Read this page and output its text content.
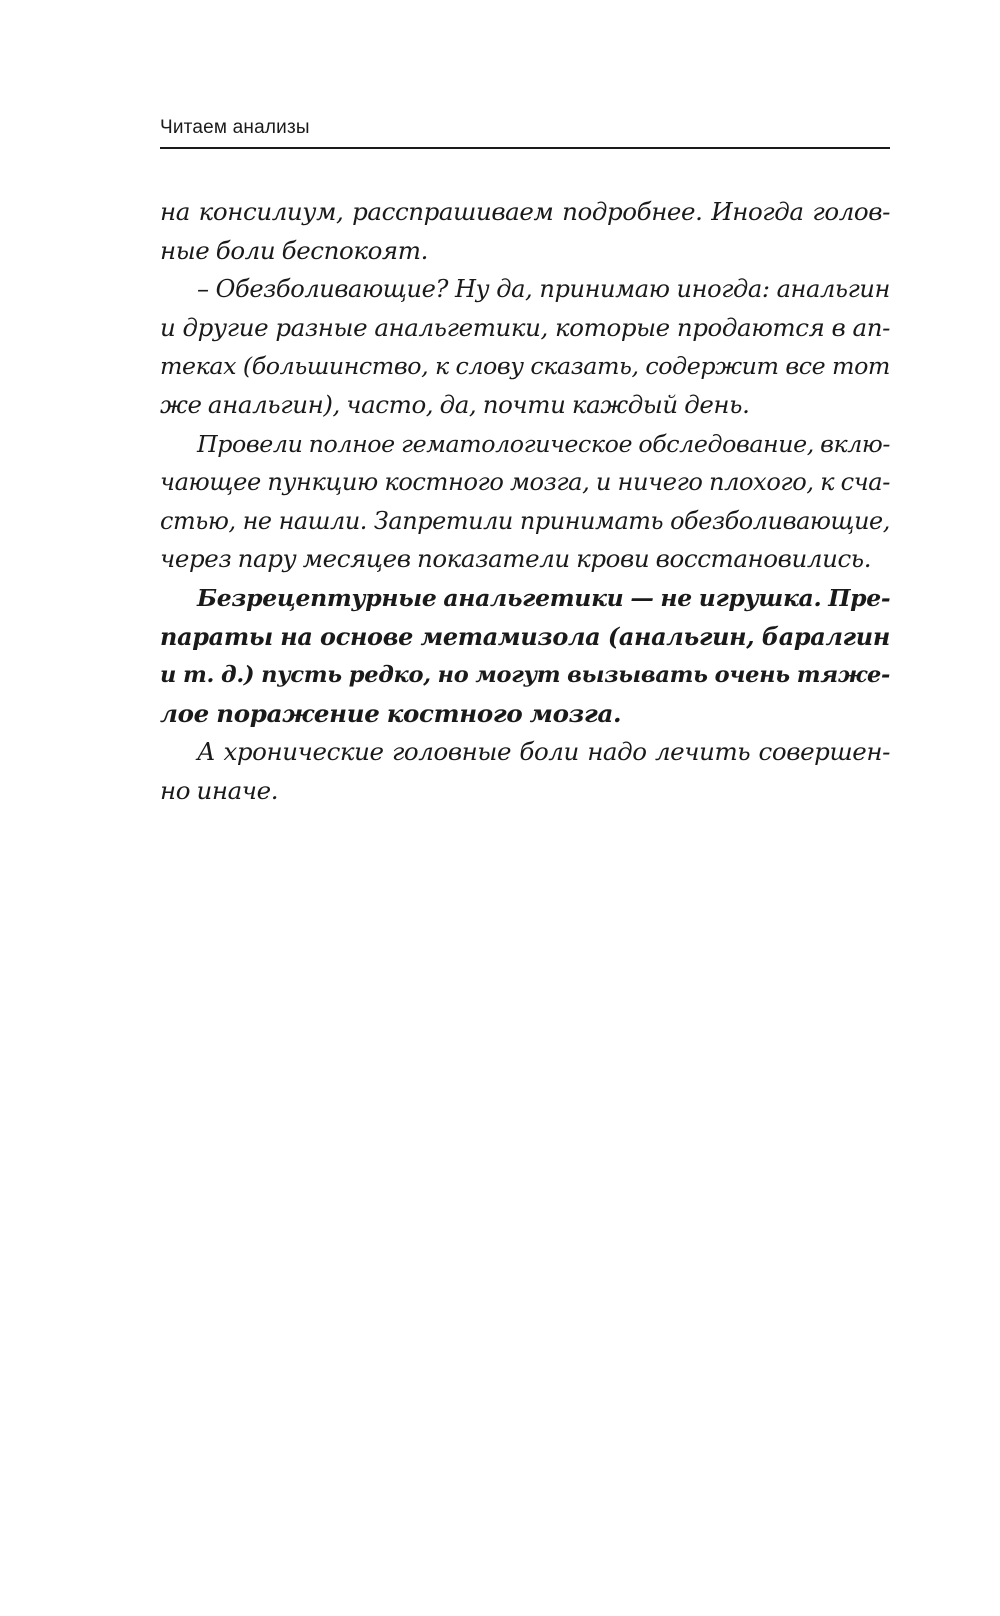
Читаем анализы
на консилиум, расспрашиваем подробнее. Иногда голов-
ные боли беспокоят.
– Обезболивающие? Ну да, принимаю иногда: анальгин
и другие разные анальгетики, которые продаются в ап-
теках (большинство, к слову сказать, содержит все тот
же анальгин), часто, да, почти каждый день.
Провели полное гематологическое обследование, вклю-
чающее пункцию костного мозга, и ничего плохого, к сча-
стью, не нашли. Запретили принимать обезболивающие,
через пару месяцев показатели крови восстановились.
Безрецептурные анальгетики — не игрушка. Пре-
параты на основе метамизола (анальгин, баралгин
и т. д.) пусть редко, но могут вызывать очень тяже-
лое поражение костного мозга.
А хронические головные боли надо лечить совершен-
но иначе.
